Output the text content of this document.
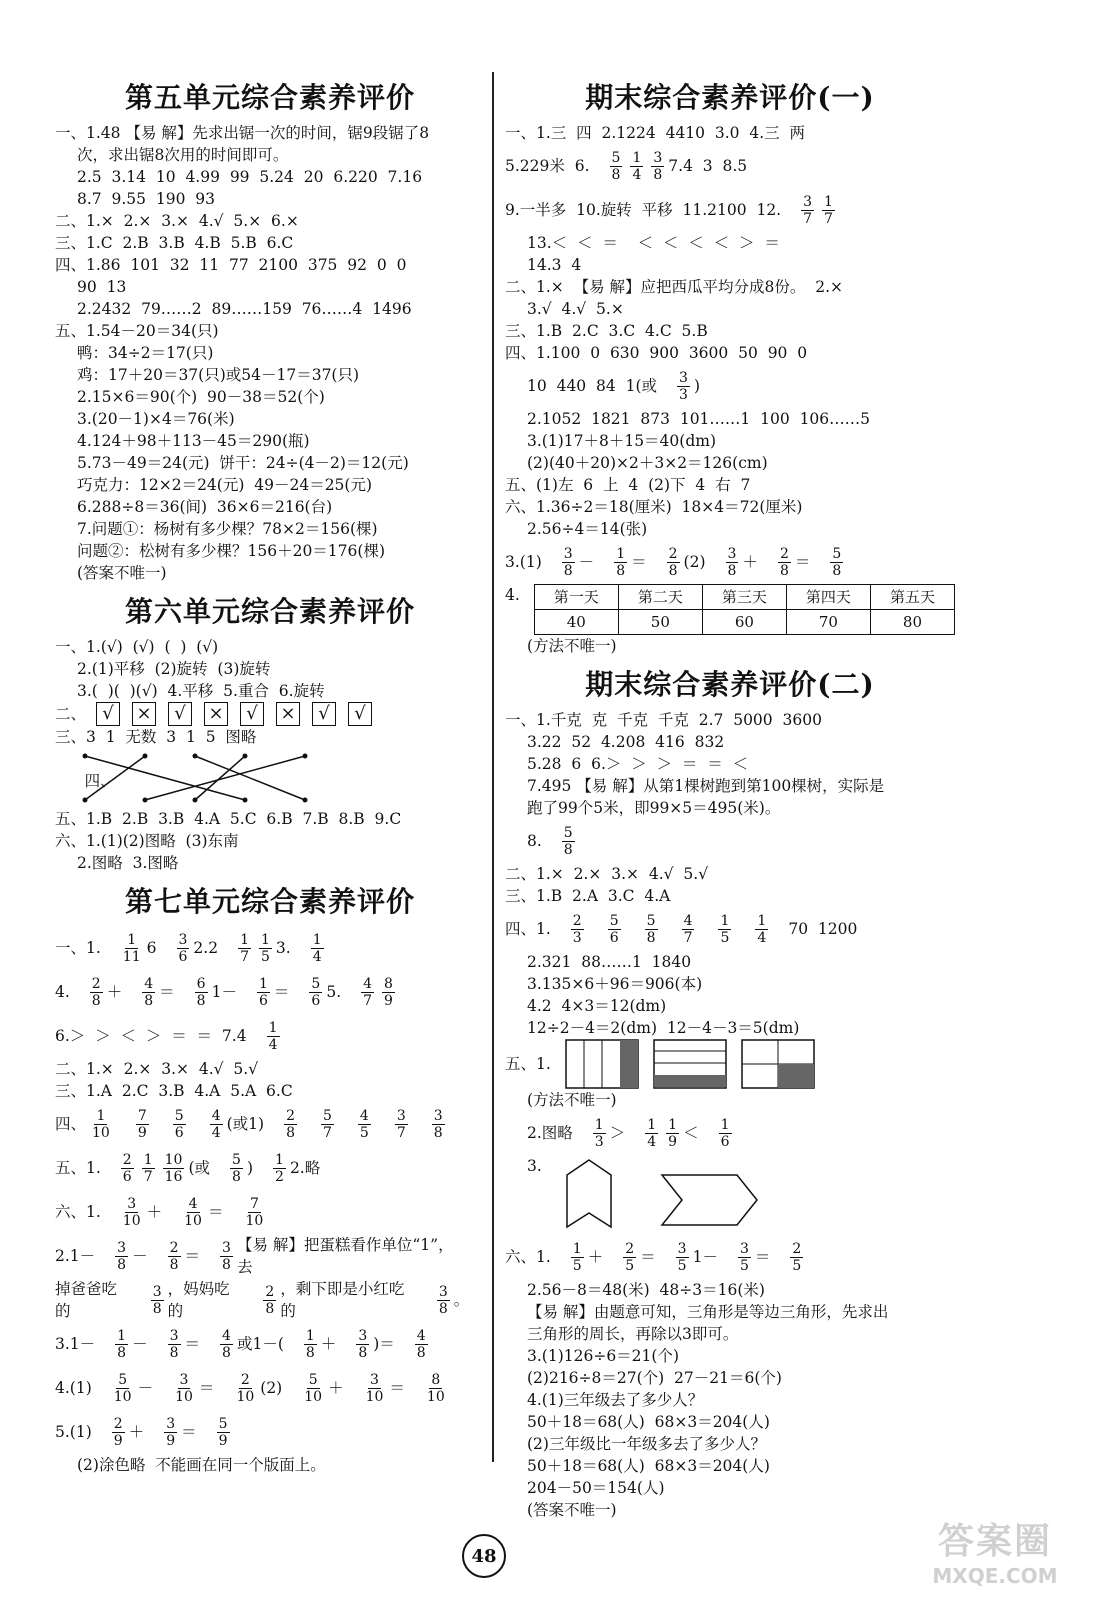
第五单元综合素养评价
一、1.48 【易 解】先求出锯一次的时间，锯9段锯了8
次，求出锯8次用的时间即可。
2.5  3.14  10  4.99  99  5.24  20  6.220  7.16
8.7  9.55  190  93
二、1.×  2.×  3.×  4.√  5.×  6.×
三、1.C  2.B  3.B  4.B  5.B  6.C
四、1.86  101  32  11  77  2100  375  92  0  0
90  13
2.2432  79……2  89……159  76……4  1496
五、1.54－20＝34(只)
鸭：34÷2＝17(只)
鸡：17＋20＝37(只)或54－17＝37(只)
2.15×6＝90(个)  90－38＝52(个)
3.(20－1)×4＝76(米)
4.124＋98＋113－45＝290(瓶)
5.73－49＝24(元)  饼干：24÷(4－2)＝12(元)
巧克力：12×2＝24(元)  49－24＝25(元)
6.288÷8＝36(间)  36×6＝216(台)
7.问题①：杨树有多少棵？78×2＝156(棵)
问题②：松树有多少棵？156＋20＝176(棵)
(答案不唯一)
第六单元综合素养评价
一、1.(√)  (√)  (  )  (√)
2.(1)平移  (2)旋转  (3)旋转
3.(  )(  )(√)  4.平移  5.重合  6.旋转
二、 √	×	√	×	√	×	√	√
三、3  1  无数  3  1  5  图略

四、

五、1.B  2.B  3.B  4.A  5.C  6.B  7.B  8.B  9.C
六、1.(1)(2)图略  (3)东南
2.图略  3.图略
第七单元综合素养评价
一、1. $\frac{1}{11} 6 \frac{3}{6} 2.2 \frac{1}{7} \frac{1}{5} 3$. $\frac{1}{4}$
4. $\frac{2}{8} + \frac{4}{8} = \frac{6}{8} 1- \frac{1}{6} = \frac{5}{6} 5$. $\frac{4}{7} \frac{8}{9}$
6.＞  ＞  ＜  ＞  ＝  ＝  $7.4 \frac{1}{4}$
二、1.×  2.×  3.×  4.√  5.√
三、1.A  2.C  3.B  4.A  5.A  6.C
四、 $\frac{1}{10} \frac{7}{9} \frac{5}{6} \frac{4}{4}$ (或$1) \frac{2}{8} \frac{5}{7} \frac{4}{5} \frac{3}{7} \frac{3}{8}$
五、1. $\frac{2}{6} \frac{1}{7} \frac{10}{16}$ (或 $\frac{5}{8}$ ) $\frac{1}{2} 2$.略
六、1. $\frac{3}{10} + \frac{4}{10} = \frac{7}{10}$
$2.1- \frac{3}{8} - \frac{2}{8} = \frac{3}{8}$ 【易 解】把蛋糕看作单位“1”，去
掉爸爸吃的	$\frac{3}{8}$ ，妈妈吃的	$\frac{2}{8}$ ，剩下即是小红吃的	$\frac{3}{8}$ 。
$3.1- \frac{1}{8} - \frac{3}{8} = \frac{4}{8}$ 或$1-( \frac{1}{8} + \frac{3}{8}$ )＝ $\frac{4}{8}$
$4.(1) \frac{5}{10} - \frac{3}{10} = \frac{2}{10} (2) \frac{5}{10} + \frac{3}{10} = \frac{8}{10}$
$5.(1) \frac{2}{9} + \frac{3}{9} = \frac{5}{9}$
(2)涂色略  不能画在同一个版面上。
期末综合素养评价(一)
一、1.三  四  2.1224  4410  3.0  4.三  两
5.229米  6. $\frac{5}{8} \frac{1}{4} \frac{3}{8} 7.4$  3  8.5
9.一半多  10.旋转  平移  11.2100  12. $\frac{3}{7} \frac{1}{7}$
13.＜  ＜  ＝    ＜  ＜  ＜  ＜  ＞  ＝
14.3  4
二、1.×  【易 解】应把西瓜平均分成8份。  2.×
3.√  4.√  5.×
三、1.B  2.C  3.C  4.C  5.B
四、1.100  0  630  900  3600  50  90  0
10  440  84  1(或 $\frac{3}{3}$ )
2.1052  1821  873  101……1  100  106……5
3.(1)17＋8＋15＝40(dm)
(2)(40＋20)×2＋3×2＝126(cm)
五、(1)左  6  上  4  (2)下  4  右  7
六、1.36÷2＝18(厘米)  18×4＝72(厘米)
2.56÷4＝14(张)
$3.(1) \frac{3}{8} - \frac{1}{8} = \frac{2}{8} (2) \frac{3}{8} + \frac{2}{8} = \frac{5}{8}$
4. 第一天	第二天	第三天	第四天	第五天
40	50	60	70	80
(方法不唯一)
期末综合素养评价(二)
一、1.千克  克  千克  千克  2.7  5000  3600
3.22  52  4.208  416  832
5.28  6  6.＞  ＞  ＞  ＝  ＝  ＜
7.495 【易 解】从第1棵树跑到第100棵树，实际是
跑了99个5米，即99×5＝495(米)。
8. $\frac{5}{8}$
二、1.×  2.×  3.×  4.√  5.√
三、1.B  2.A  3.C  4.A
四、1. $\frac{2}{3} \frac{5}{6} \frac{5}{8} \frac{4}{7} \frac{1}{5} \frac{1}{4} 70$  1200
2.321  88……1  1840
3.135×6＋96＝906(本)
4.2  4×3＝12(dm)
12÷2－4＝2(dm)  12－4－3＝5(dm)
五、1.
(方法不唯一)
2.图略 $\frac{1}{3} > \frac{1}{4} \frac{1}{9} < \frac{1}{6}$
3.
六、1. $\frac{1}{5} + \frac{2}{5} = \frac{3}{5} 1- \frac{3}{5} = \frac{2}{5}$
2.56－8＝48(米)  48÷3＝16(米)
【易 解】由题意可知，三角形是等边三角形，先求出
三角形的周长，再除以3即可。
3.(1)126÷6＝21(个)
(2)216÷8＝27(个)  27－21＝6(个)
4.(1)三年级去了多少人？
50＋18＝68(人)  68×3＝204(人)
(2)三年级比一年级多去了多少人？
50＋18＝68(人)  68×3＝204(人)
204－50＝154(人)
(答案不唯一)
48	答案圈
MXQE.COM
